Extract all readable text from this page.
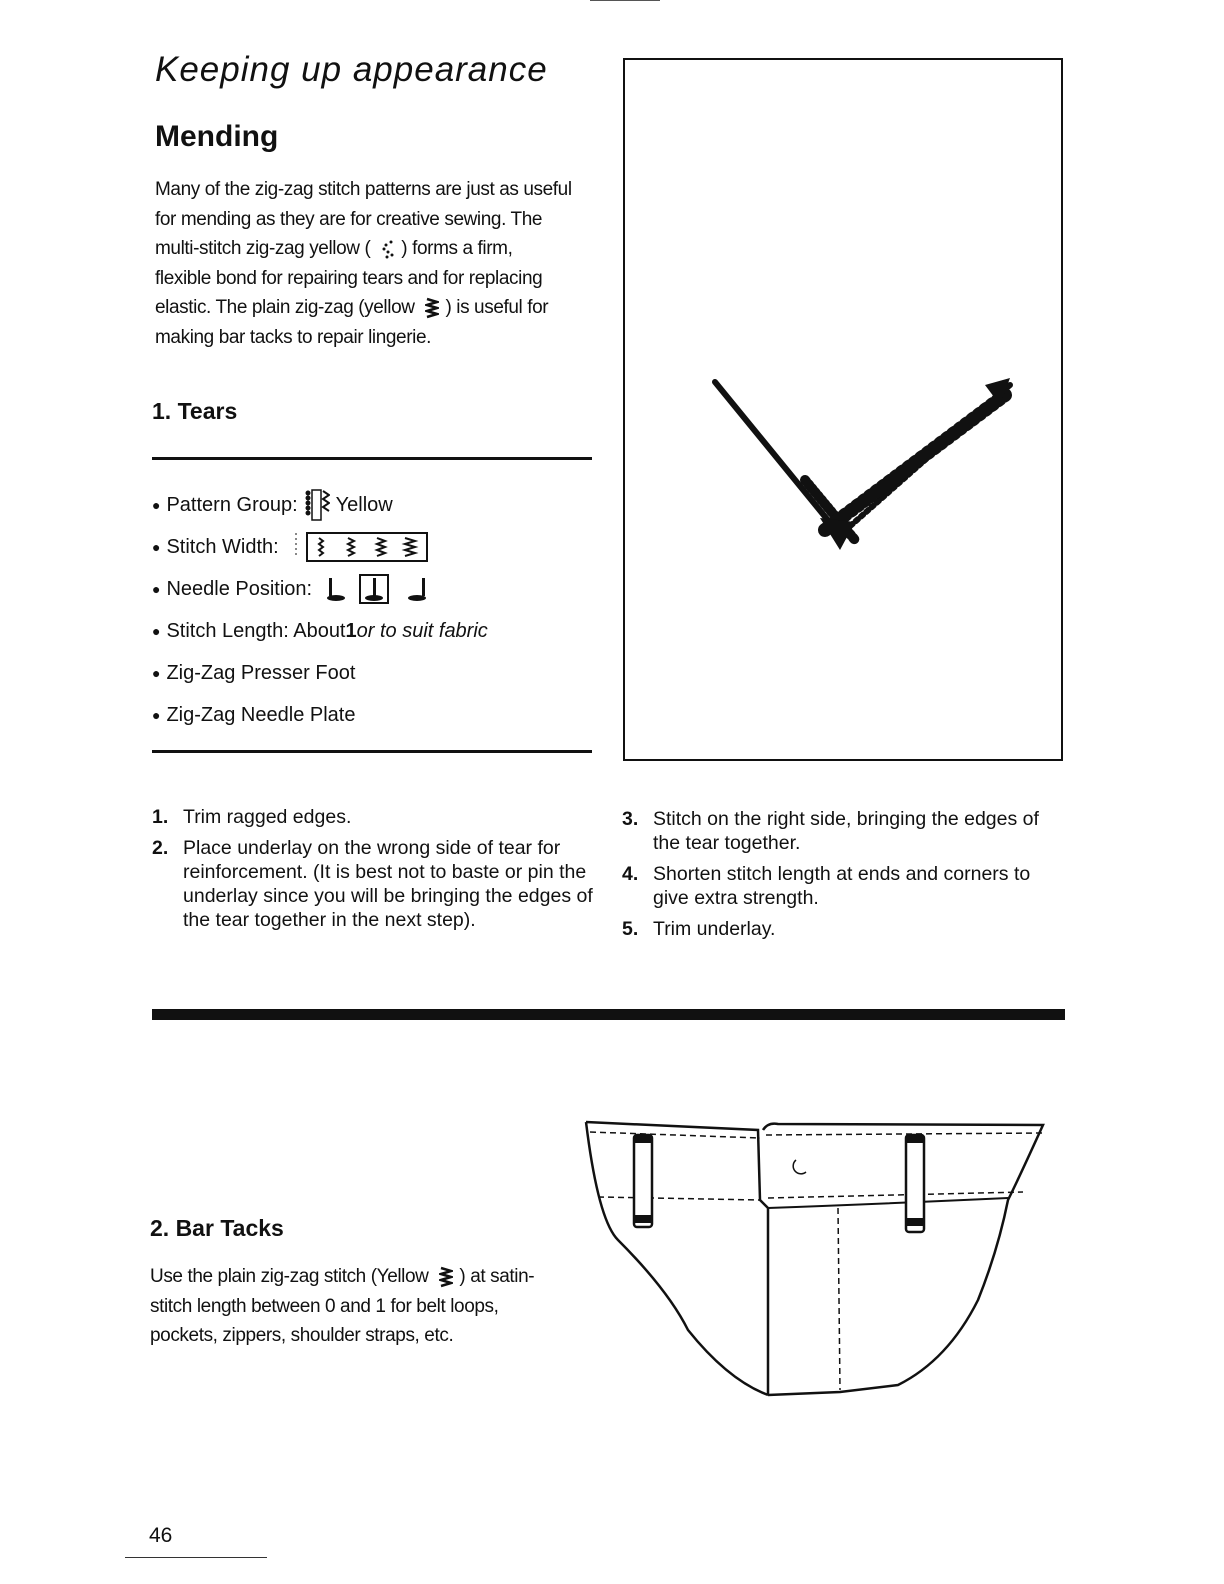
Keeping up appearance
Mending
Many of the zig-zag stitch patterns are just as useful
for mending as they are for creative sewing. The
multi-stitch zig-zag yellow ( ) forms a firm,
flexible bond for repairing tears and for replacing
elastic. The plain zig-zag (yellow ) is useful for
making bar tacks to repair lingerie.
1. Tears
● Pattern Group: Yellow
● Stitch Width:
● Needle Position:
● Stitch Length: About 1 or to suit fabric
● Zig-Zag Presser Foot
● Zig-Zag Needle Plate
1. Trim ragged edges.
2. Place underlay on the wrong side of tear for reinforcement. (It is best not to baste or pin the underlay since you will be bringing the edges of the tear together in the next step).
3. Stitch on the right side, bringing the edges of the tear together.
4. Shorten stitch length at ends and corners to give extra strength.
5. Trim underlay.
2. Bar Tacks
Use the plain zig-zag stitch (Yellow ) at satin-
stitch length between 0 and 1 for belt loops,
pockets, zippers, shoulder straps, etc.
46
